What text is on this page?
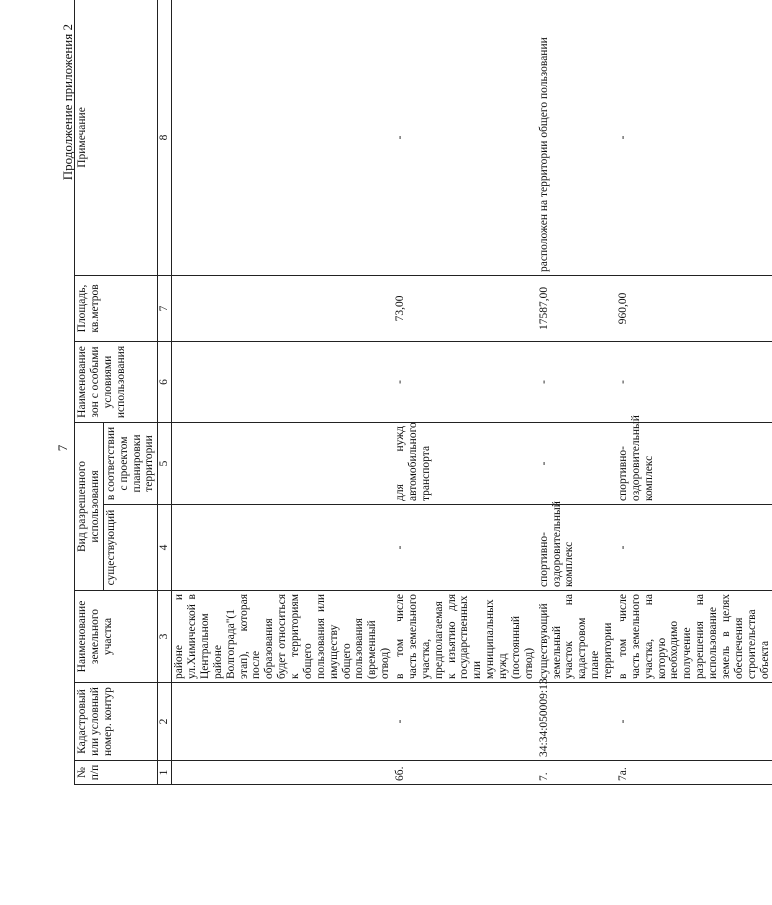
7
Продолжение приложения 2
№ п/п	Кадастровый или условный номер. контур	Наименование земельного участка	Вид разрешенного использования		Наименование зон с особыми условиями использования	Площадь, кв.метров	Примечание
			существующий	в соответствии с проектом планировки территории			
1	2	3	4	5	6	7	8
		районе и ул.Химической в Центральном районе Волгограда"(1 этап), которая после образования будет относиться к территориям общего пользования или имуществу общего пользования (временный отвод)					
6б.	-	в том числе часть земельного участка, предполагаемая к изъятию для государственных или муниципальных нужд (постоянный отвод)	-	для нужд автомобильного транспорта	-	73,00	-
7.	34:34:050009:13	существующий земельный участок на кадастровом плане территории	спортивно-оздоровительный комплекс	-	-	17587,00	расположен на территории общего пользовании
7а.	-	в том числе часть земельного участка, на которую необходимо получение разрешения на использование земель в целях обеспечения строительства объекта	-	спортивно-оздоровительный комплекс	-	960,00	-
